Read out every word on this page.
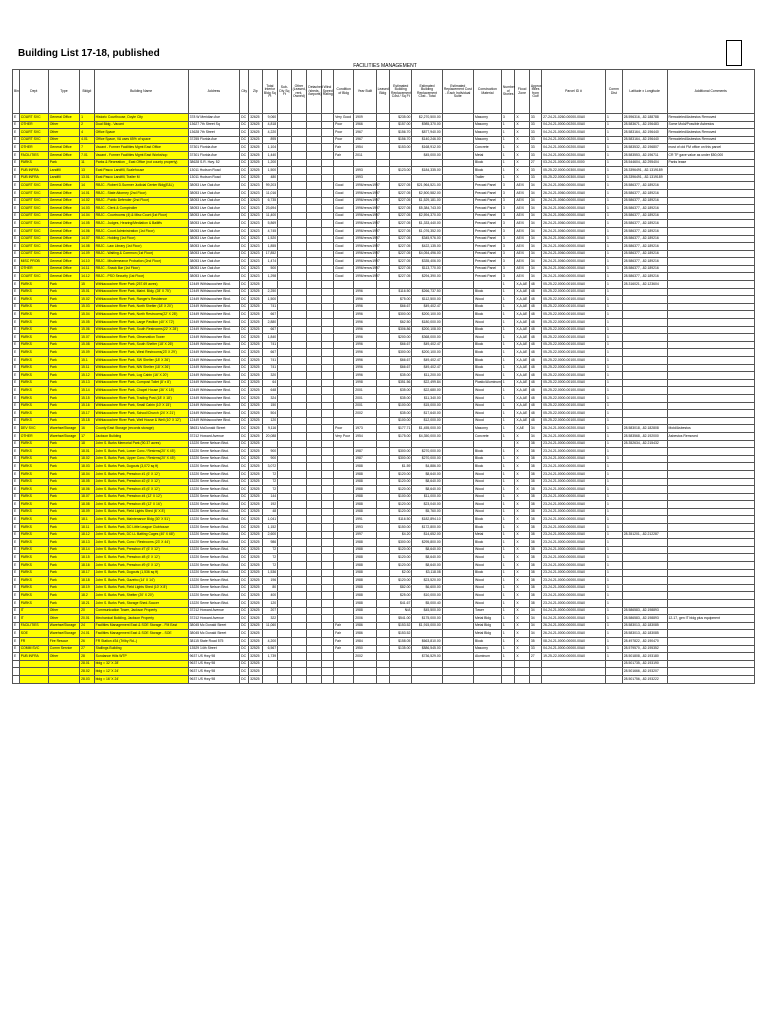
Building List 17-18, published
FACILITIES MANAGEMENT
Bin	Dept	Type	Bldg#	Building Name	Address	City	Zip	Total Interior Bldg Sq Ft	Sub-Div Sq Ft	Other (Leased, rent, Owned)	Detached (sheds, carports)	Wind Speed Rating	Condition of Bldg	Year Built	Leased Bldg	Estimated Building Replacement Cost / Sq Ft	Estimated Building Replacement Cost - Total	Estimated Replacement Cost - Each Individual Suite	Construction Material	Number of Stories	Flood Zone	Approx Miles from Gulf	Parcel ID #	Comm Dist	Latitude x Longitude	Additional Comments
E	COURT SVC	General Office	1	Historic Courthouse, Doyle City	378 W Meridian Ave	DC	32625	9,060					Very Good	1909		$235.00	$2,270,500.00		Masonry	3	X	33	27-24-21-0260-00000-00A0	1	28.596316, -82.188788	Remodeled/Asbestos Removed
E	OTHER	Other	2	Dual Bldg - Vacant	13627 7th Street Sq	DC	32625	4,818					Poor	1966		$157.00	$985,370.00		Masonry	1	X	33	04-24-21-0000-00200-00A0	1	28.583671, -82.196483	Some Mold/Possible Asbestos
E	COURT SVC	Other	4	Office Space	13628 7th Street	DC	32625	4,220					Poor	1967		$156.70	$877,940.00		Masonry	1	X	33	04-24-21-0000-00200-00A0	1	28.583164, -82.196440	Remodeled/Asbestos Removed
E	COURT SVC	Other	4.01	Office Space, VA uses 65% of space	37255 Florida Ave	DC	32625	895					Poor	1967		$156.70	$140,246.00		Masonry	1	X	33	04-24-21-0000-00200-00A0	1	28.583164, -82.196440	Remodeled/Asbestos Removed
E	OTHER	General Office	7	Vacant - Former Facilities Mgmt East Office	37301 Florida Ave	DC	32625	1,104					Fair	1954		$153.00	$168,912.00		Concrete	1	X	33	04-24-21-0000-00200-00A0	1	28.583532, -82.196807	most of old FM office on this parcel
E	FACILITIES	General Office	7.01	Vacant - Former Facilities Mgmt East Workshop	37301 Florida Ave	DC	32625	1,440					Fair	2011			$45,000.00		Metal	1	X	33	04-24-21-0000-00200-00A0	1	28.583553, -82.196711	CR TF gave value as under $50,000
E	PARKS	Park	11	Parks & Recreation _ East Office (not county property)	38628 S.R. Hwy. 52	DC	32525	1,200											Block	1	X	27	03-24-21-0000-00100-0000	1	28.544604, -82.295404	Parks lease
E	PUB INFRA	Landfill	13	East Pasco Landfill, Scalehouse	13011 Hudson Road	DC	32525	1,500						1993		$123.00	$184,335.00		Block	1	X	33	05-25-22-0000-00300-00A0	1	28.3396491, -82.1319189	
E	PUB INFRA	Landfill	13.01	East Pasco Landfill, Trailer M	13011 Hudson Road	DC	32525	480						1993					Trailer	1	X	33	05-25-22-0000-00300-00A0	1	28.3396491, -82.1319189	
E	COURT SVC	General Office	14	RBJC - Robert D.Sumner Judicial Center Bldg(E&L)	38053 Live Oak Ave	DC	32623	99,203					Good	1996/renov1997		$227.05	$21,964,521.00		Precast Panel	3	AE/X	34	26-24-21-0060-00000-00A0	1	28.586377, -82.189216	
E	COURT SVC	General Office	14.01	RBJC - State Attorney (2nd Floor)	38053 Live Oak Ave	DC	32623	11,016					Good	1996/renov1997		$227.05	$2,500,582.00		Precast Panel	3	AE/X	34	26-24-21-0060-00000-00A0	1	28.586377, -82.189216	
E	COURT SVC	General Office	14.02	RBJC - Public Defender (2nd Floor)	38053 Live Oak Ave	DC	32623	6,735					Good	1996/renov1997		$227.05	$1,529,181.00		Precast Panel	3	AE/X	34	26-24-21-0060-00000-00A0	1	28.586377, -82.189216	
E	COURT SVC	General Office	14.03	RBJC - Clerk & Comptroller	38053 Live Oak Ave	DC	32623	23,694					Good	1996/renov1997		$227.05	$5,384,743.00		Precast Panel	3	AE/X	34	26-24-21-0060-00000-00A0	1	28.586377, -82.189216	
E	COURT SVC	General Office	14.04	RBJC - Courtrooms (4) & Misc Court (1st Floor)	38053 Live Oak Ave	DC	32623	11,400					Good	1996/renov1997		$227.05	$2,594,370.00		Precast Panel	3	AE/X	34	26-24-21-0060-00000-00A0	1	28.586377, -82.189216	
E	COURT SVC	General Office	14.05	RBJC - Judges, Hearing/Mediation & Bailiffs	38053 Live Oak Ave	DC	32623	5,869					Good	1996/renov1997		$227.05	$1,333,440.00		Precast Panel	3	AE/X	34	26-24-21-0060-00000-00A0	1	28.586377, -82.189216	
E	COURT SVC	General Office	14.06	RBJC - Court Administration (1st Floor)	38053 Live Oak Ave	DC	32623	4,745					Good	1996/renov1997		$227.05	$1,076,352.00		Precast Panel	3	AE/X	34	26-24-21-0060-00000-00A0	1	28.586377, -82.189216	
E	COURT SVC	General Office	14.07	RBJC - Holding (1st Floor)	38053 Live Oak Ave	DC	32623	1,520					Good	1996/renov1997		$227.05	$345,976.00		Precast Panel	3	AE/X	34	26-24-21-0060-00000-00A0	1	28.586377, -82.189216	
E	COURT SVC	General Office	14.08	RBJC - Law Library (1st Floor)	38053 Live Oak Ave	DC	32623	1,855					Good	1996/renov1997		$227.05	$422,135.00		Precast Panel	3	AE/X	34	26-24-21-0060-00000-00A0	1	28.586377, -82.189216	
E	COURT SVC	General Office	14.09	RBJC - Waiting & Common (1st Floor)	38053 Live Oak Ave	DC	32623	17,852					Good	1996/renov1997		$227.05	$4,054,496.00		Precast Panel	3	AE/X	34	26-24-21-0060-00000-00A0	1	28.586377, -82.189216	
E	MISC PROB	General Office	14.10	RBJC - Misdemeanor Probation (2nd Floor)	38053 Live Oak Ave	DC	32623	1,474					Good	1996/renov1997		$227.05	$335,406.00		Precast Panel	3	AE/X	34	26-24-21-0060-00000-00A0	1	28.586377, -82.189216	
E	OTHER	General Office	14.11	RBJC - Snack Bar (1st Floor)	38053 Live Oak Ave	DC	32623	500					Good	1996/renov1997		$227.05	$113,770.00		Precast Panel	3	AE/X	34	26-24-21-0060-00000-00A0	1	28.586377, -82.189216	
E	COURT SVC	General Office	14.12	RBJC - PSO Security (1st Floor)	38053 Live Oak Ave	DC	32623	1,298					Good	1996/renov1997		$227.05	$294,390.00		Precast Panel	3	AE/X	34	26-24-21-0060-00000-00A0	1	28.586377, -82.189216	
E	PARKS	Park	15	Withlacoochee River Park (257.69 acres)	12449 Withlacoochee Blvd.	DC	32525													1	X,A,AE	48	05-25-22-0000-00100-00A0	1	28.316021, -82.123604	
E	PARKS	Park	15.01	Withlacoochee River Park, Maint. Bldg. (28' X 75')	12449 Withlacoochee Blvd.	DC	32525	2,250						1996		$116.50	$266,737.50		Block	1	X,A,AE	48	05-25-22-0000-00100-00A0	1		
E	PARKS	Park	15.02	Withlacoochee River Park, Ranger's Residence	12449 Withlacoochee Blvd.	DC	32525	1,500						1996		$75.00	$112,500.00		Wood	1	X,A,AE	48	05-25-22-0000-00100-00A0	1		
E	PARKS	Park	15.03	Withlacoochee River Park, North Shelter (18' X 20')	12449 Withlacoochee Blvd.	DC	32525	741						1996		$66.67	$49,402.47		Block	1	X,A,AE	48	05-25-22-0000-00100-00A0	1		
E	PARKS	Park	15.04	Withlacoochee River Park, North Restrooms(22' X 28')	12449 Withlacoochee Blvd.	DC	32525	667						1996		$300.00	$200,100.00		Block	1	X,A,AE	48	05-25-22-0000-00100-00A0	1		
E	PARKS	Park	15.05	Withlacoochee River Park, Large Pavilion (40' X 72')	12449 Withlacoochee Blvd.	DC	32525	2,880						1996		$62.50	$180,000.00		Wood	1	X,A,AE	48	05-25-22-0000-00100-00A0	1		
E	PARKS	Park	15.06	Withlacoochee River Park, South Restrooms(22' X 28')	12449 Withlacoochee Blvd.	DC	32525	667						1996		$306.86	$200,108.00		Block	1	X,A,AE	48	05-25-22-0000-00100-00A0	1		
E	PARKS	Park	15.07	Withlacoochee River Park, Observation Tower	12449 Withlacoochee Blvd.	DC	32525	1,840						1996		$200.00	$368,000.00		Wood	1	X,A,AE	48	05-25-22-0000-00100-00A0	1		
E	PARKS	Park	15.08	Withlacoochee River Park, South Shelter (18' X 26')	12449 Withlacoochee Blvd.	DC	32525	741						1996		$66.67	$49,402.47		Block	1	X,A,AE	48	05-25-22-0000-00100-00A0	1		
E	PARKS	Park	15.09	Withlacoochee River Park, West Restrooms(23' X 29')	12449 Withlacoochee Blvd.	DC	32525	667						1996		$300.00	$200,100.00		Block	1	X,A,AE	48	05-25-22-0000-00100-00A0	1		
E	PARKS	Park	15.1	Withlacoochee River Park, SW Shelter (18' X 26')	12449 Withlacoochee Blvd.	DC	32525	741						1996		$66.67	$49,402.47		Block	1	X,A,AE	48	05-25-22-0000-00100-00A0	1		
E	PARKS	Park	15.11	Withlacoochee River Park, NW Shelter (18' X 26')	12449 Withlacoochee Blvd.	DC	32525	741						1996		$66.67	$49,402.47		Block	1	X,A,AE	48	05-25-22-0000-00100-00A0	1		
E	PARKS	Park	15.12	Withlacoochee River Park, Log Cabin (16' X 20')	12449 Withlacoochee Blvd.	DC	32525	320						1996		$35.00	$11,200.00		Wood	1	X,A,AE	48	05-25-22-0000-00100-00A0	1		
E	PARKS	Park	15.13	Withlacoochee River Park, Compost Toilet (8' x 8')	12449 Withlacoochee Blvd.	DC	32525	64						1998		$351.56	$22,499.84		Plastic/Aluminum	1	X,A,AE	48	05-25-22-0000-00100-00A0	1		
E	PARKS	Park	15.14	Withlacoochee River Park, Chapel House (36' X 18')	12449 Withlacoochee Blvd.	DC	32525	648						2001		$35.00	$22,680.00		Wood	1	X,A,AE	48	05-25-22-0000-00100-00A0	1		
E	PARKS	Park	15.15	Withlacoochee River Park, Trading Post (18' X 18')	12449 Withlacoochee Blvd.	DC	32525	324						2001		$35.00	$11,340.00		Wood	1	X,A,AE	48	05-25-22-0000-00100-00A0	1		
E	PARKS	Park	15.16	Withlacoochee River Park, Small Cabin (10' X 15')	12449 Withlacoochee Blvd.	DC	32525	150						2001		$100.00	$15,000.00		Wood	1	X,A,AE	48	05-25-22-0000-00100-00A0	1		
E	PARKS	Park	15.17	Withlacoochee River Park, School/Church (24' X 21')	12449 Withlacoochee Blvd.	DC	32525	504						2002		$35.00	$17,640.00		Wood	1	X,A,AE	48	05-25-22-0000-00100-00A0	1		
E	PARKS	Park	15.18	Withlacoochee River Park, Well House & Well (10' X 12')	12449 Withlacoochee Blvd.	DC	32525	120								$100.00	$12,000.00		Wood	1	X,A,AE	48	05-25-22-0000-00100-00A0	1		
E	DEV SVC	Warehse/Storage	16	County East Storage (records storage)	38631 McDonald Street	DC	32625	9,116					Poor	1973		$177.71	$1,455,000.00		Masonry	1	X,AE	34	26-24-21-0000-00200-00A0	1	28.583018, -82.182808	Mold/Asbestos
E	OTHER	Warehse/Storage	17	Jackson Building	37212 Howard Avenue	DC	32625	20,088					Very Poor	1954		$175.00	$4,350,000.00		Concrete	1	X	34	26-24-21-0000-00000-00A0	1	28.583568, -82.192000	Asbestos Removed
E	PARKS	Park	18	John S. Burks Memorial Park (90.37 acres)	13220 Seme Nelson Blvd.	DC	32525														X	38	23-24-21-0000-00000-00A0	1	28.352634, -82.215432	
E	PARKS	Park	18.01	John S. Burks Park, Lower Conc / Restrms(20' X 45')	13220 Seme Nelson Blvd.	DC	32525	900						1987		$300.00	$270,000.00		Block	1	X	38	23-24-21-0000-00000-00A0	1		
E	PARKS	Park	18.02	John S. Burks Park, Upper Conc / Restrms(20' X 45')	13220 Seme Nelson Blvd.	DC	32525	900						1987		$300.00	$270,000.00		Block	1	X	38	23-24-21-0000-00000-00A0	1		
E	PARKS	Park	18.03	John S. Burks Park, Dugouts (3,072 sq ft)	13220 Seme Nelson Blvd.	DC	32525	3,072						1988		$1.59	$4,886.00		Block	1	X	38	23-24-21-0000-00000-00A0	1		
E	PARKS	Park	18.04	John S. Burks Park, Pressbox #1 (6' X 12')	13220 Seme Nelson Blvd.	DC	32525	72						1988		$120.00	$8,640.00		Wood	1	X	38	23-24-21-0000-00000-00A0	1		
E	PARKS	Park	18.05	John S. Burks Park, Pressbox #2 (6' X 12')	13220 Seme Nelson Blvd.	DC	32525	72						1988		$120.00	$8,640.00		Wood	1	X	38	23-24-21-0000-00000-00A0	1		
E	PARKS	Park	18.06	John S. Burks Park, Pressbox #3 (6' X 12')	13220 Seme Nelson Blvd.	DC	32525	72						1988		$120.00	$8,640.00		Wood	1	X	38	23-24-21-0000-00000-00A0	1		
E	PARKS	Park	18.07	John S. Burks Park, Pressbox #4 (12' X 12')	13220 Seme Nelson Blvd.	DC	32525	144						1988		$100.00	$11,000.00		Wood	1	X	38	23-24-21-0000-00000-00A0	1		
E	PARKS	Park	18.08	John S. Burks Park, Pressbox #5 (12' X 16')	13220 Seme Nelson Blvd.	DC	32525	192						1988		$120.00	$23,040.00		Wood	1	X	38	23-24-21-0000-00000-00A0	1		
E	PARKS	Park	18.09	John S. Burks Park, Field Lights Shed (6' X 8')	13220 Seme Nelson Blvd.	DC	32525	48						1988		$120.00	$5,760.00		Wood	1	X	38	23-24-21-0000-00000-00A0	1		
E	PARKS	Park	18.1	John S. Burks Park, Maintenance Bldg (30' X 51')	13220 Seme Nelson Blvd.	DC	32525	1,041						1991		$116.50	$182,894.10		Block	1	X	38	23-24-21-0000-00000-00A0	1		
E	PARKS	Park	18.11	John S. Burks Park, DC Little League Clubhouse	13220 Seme Nelson Blvd.	DC	32525	1,152						1993		$150.00	$172,800.00		Block	1	X	38	23-24-21-0000-00000-00A0	1		
E	PARKS	Park	18.12	John S. Burks Park, DC LL Batting Cages (40' X 68')	13220 Seme Nelson Blvd.	DC	32525	2,600						1997		$4.20	$14,652.00		Metal	1	X	38	23-24-21-0000-00000-00A0	1	28.351201, -82.212287	
E	PARKS	Park	18.13	John S. Burks Park, Conc / Restrooms (23' X 44')	13220 Seme Nelson Blvd.	DC	32525	986						1988		$300.00	$295,800.00		Block	1	X	38	23-24-21-0000-00000-00A0	1		
E	PARKS	Park	18.14	John S. Burks Park, Pressbox #7 (6' X 12')	13220 Seme Nelson Blvd.	DC	32525	72						1988		$120.00	$8,640.00		Wood	1	X	38	23-24-21-0000-00000-00A0	1		
E	PARKS	Park	18.15	John S. Burks Park, Pressbox #8 (6' X 12')	13220 Seme Nelson Blvd.	DC	32525	72						1988		$120.00	$8,640.00		Wood	1	X	38	23-24-21-0000-00000-00A0	1		
E	PARKS	Park	18.16	John S. Burks Park, Pressbox #9 (6' X 12')	13220 Seme Nelson Blvd.	DC	32525	72						1988		$120.00	$8,640.00		Wood	1	X	38	23-24-21-0000-00000-00A0	1		
E	PARKS	Park	18.17	John S. Burks Park, Dugouts (1,536 sq ft)	13220 Seme Nelson Blvd.	DC	32525	1,536						1988		$2.00	$3,118.08		Block	1	X	38	23-24-21-0000-00000-00A0	1		
E	PARKS	Park	18.18	John S. Burks Park, Gazebo (14' X 14')	13220 Seme Nelson Blvd.	DC	32525	196						1988		$120.00	$23,520.00		Wood	1	X	38	23-24-21-0000-00000-00A0	1		
E	PARKS	Park	18.19	John S. Burks Park, Field Lights Shed (10' X 8')	13220 Seme Nelson Blvd.	DC	32525	80						1988		$82.00	$6,600.00		Wood	1	X	38	23-24-21-0000-00000-00A0	1		
E	PARKS	Park	18.2	John S. Burks Park, Shelter (20' X 20')	13220 Seme Nelson Blvd.	DC	32525	400						1988		$25.00	$10,000.00		Wood	1	X	38	23-24-21-0000-00000-00A0	1		
E	PARKS	Park	18.21	John S. Burks Park, Storage Shed-Soccer	13220 Seme Nelson Blvd.	DC	32525	120						1988		$41.67	$5,000.40		Wood	1	X	38	23-24-21-0000-00000-00A0	1		
E	IT	Other	20	Communication Tower, Jackson Property	37212 Howard Avenue	DC	32625	207						1988		N/A	$45,500.00		Tower	1	X	34	04-24-21-0000-00000-00A0	1	28.586583, -82.198893	
E	IT	Other	20.01	Mechanical Building, Jackson Property	37212 Howard Avenue	DC	32625	322						2006		$541.00	$175,000.00		Metal Bldg	1	X	34	04-24-21-0000-00000-00A0	1	28.586583, -82.198893	12-17, gen IT bldg plus equipment
E	FACILITIES	Warehse/Storage	24	Facilities Management East & SOE Storage - FM East	38045 Mc Donald Street	DC	32625	11,060					Fair	1986		$153.52	$1,915,000.00		Metal Bldg	1	X	34	26-24-21-0000-00000-00A0	1	28.583013, -82.183085	
E	SOE	Warehse/Storage	24.01	Facilities Management East & SOE Storage - SOE	38045 Mc Donald Street	DC	32625						Fair	1986		$153.52			Metal Bldg	1	X	34	26-24-21-0000-00000-00A0	1	28.583013, -82.183085	
E	FR	Fire Rescue	26	FR Station #34 (Trilby Rd--)	38115 State Road 575	DC	32525	4,200					Fair	1984		$158.05	$663,810.00		Block	1	X	35	08-24-21-0000-00000-00A0	1	28.497822, -82.190470	
E	COMM SVC	Comm Service	27	Stallings Building	13529 14th Street	DC	32525	6,567					Fair	1950		$135.00	$886,545.00		Masonry	1	X	33	04-24-21-0000-00000-00A0	1	28.579570, -82.195352	
E	PUB INFRA	Other	28	Sundance Hills WTP	9637 US Hwy 98	DC	32525	1,739						2002			$736,529.00		Aluminum	1	X	27	19-25-22-0000-00000-00A0	1	28.501808, -82.193180	
			28.01	bldg = 32' X 28'	9637 US Hwy 98	DC	32525																		28.501735, -82.193190	
			28.02	bldg = 12' X 24'	9637 US Hwy 98	DC	32525																		28.501666, -82.193207	
			28.03	bldg = 16' X 24'	9637 US Hwy 98	DC	32525																		28.501756, -82.193222	
